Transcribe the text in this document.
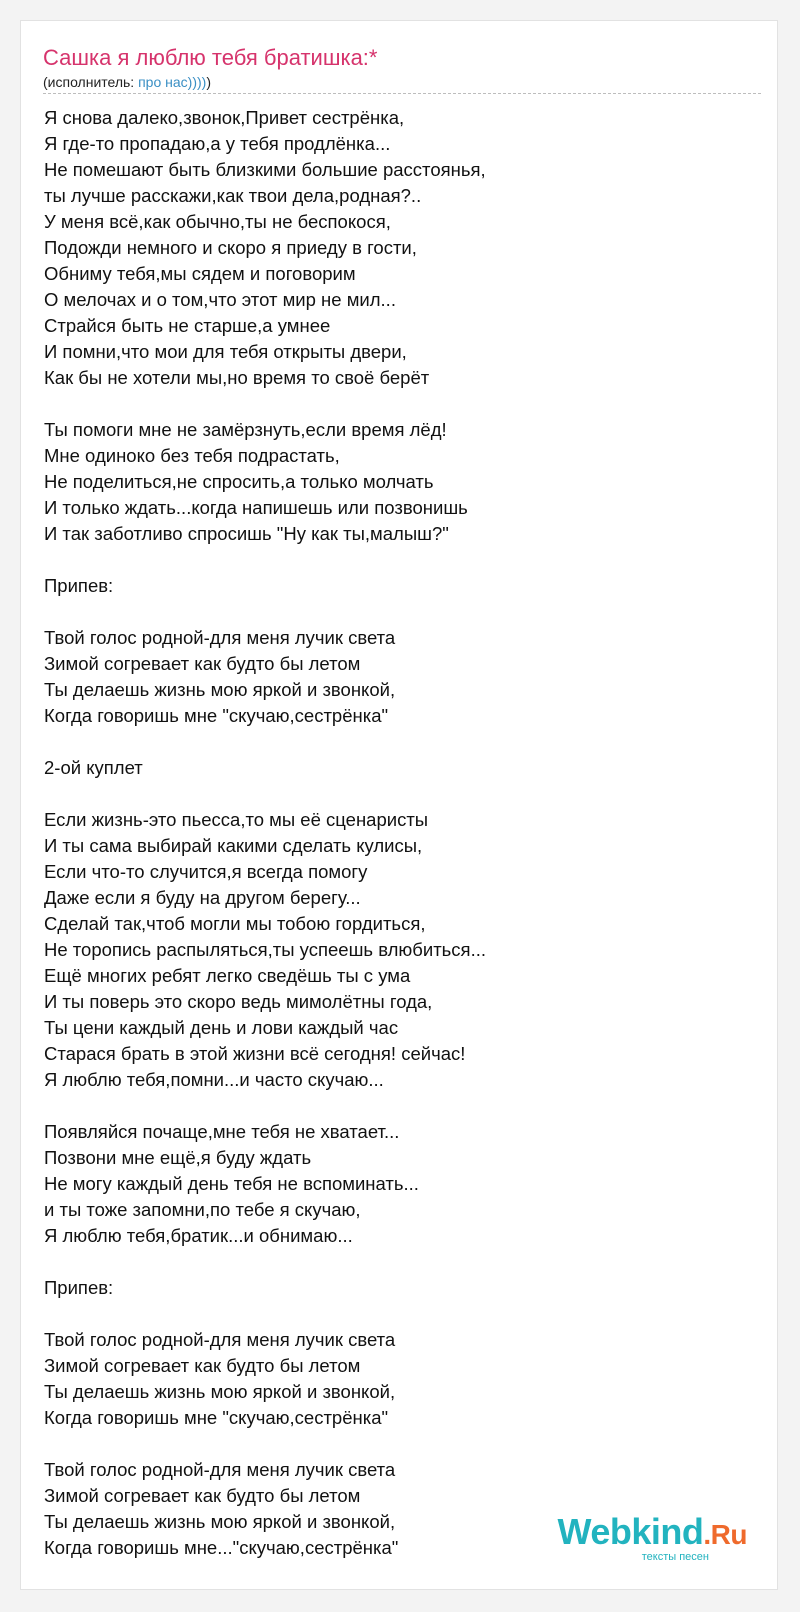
Сашка я люблю тебя братишка:*
(исполнитель: про нас)))))
Я снова далеко,звонок,Привет сестрёнка,
Я где-то пропадаю,а у тебя продлёнка...
Не помешают быть близкими большие расстоянья,
ты лучше расскажи,как твои дела,родная?..
У меня всё,как обычно,ты не беспокося,
Подожди немного и скоро я приеду в гости,
Обниму тебя,мы сядем и поговорим
О мелочах и о том,что этот мир не мил...
Страйся быть не старше,а умнее
И помни,что мои для тебя открыты двери,
Как бы не хотели мы,но время то своё берёт
Ты помоги мне не замёрзнуть,если время лёд!
Мне одиноко без тебя подрастать,
Не поделиться,не спросить,а только молчать
И только ждать...когда напишешь или позвонишь
И так заботливо спросишь "Ну как ты,малыш?"
Припев:
Твой голос родной-для меня лучик света
Зимой согревает как будто бы летом
Ты делаешь жизнь мою яркой и звонкой,
Когда говоришь мне "скучаю,сестрёнка"
2-ой куплет
Если жизнь-это пьесса,то мы её сценаристы
И ты сама выбирай какими сделать кулисы,
Если что-то случится,я всегда помогу
Даже если я буду на другом берегу...
Сделай так,чтоб могли мы тобою гордиться,
Не торопись распыляться,ты успеешь влюбиться...
Ещё многих ребят легко сведёшь ты с ума
И ты поверь это скоро ведь мимолётны года,
Ты цени каждый день и лови каждый час
Старася брать в этой жизни всё сегодня! сейчас!
Я люблю тебя,помни...и часто скучаю...
Появляйся почаще,мне тебя не хватает...
Позвони мне ещё,я буду ждать
Не могу каждый день тебя не вспоминать...
и ты тоже запомни,по тебе я скучаю,
Я люблю тебя,братик...и обнимаю...
Припев:
Твой голос родной-для меня лучик света
Зимой согревает как будто бы летом
Ты делаешь жизнь мою яркой и звонкой,
Когда говоришь мне "скучаю,сестрёнка"
Твой голос родной-для меня лучик света
Зимой согревает как будто бы летом
Ты делаешь жизнь мою яркой и звонкой,
Когда говоришь мне..."скучаю,сестрёнка"	Webkind.Ru
тексты песен
